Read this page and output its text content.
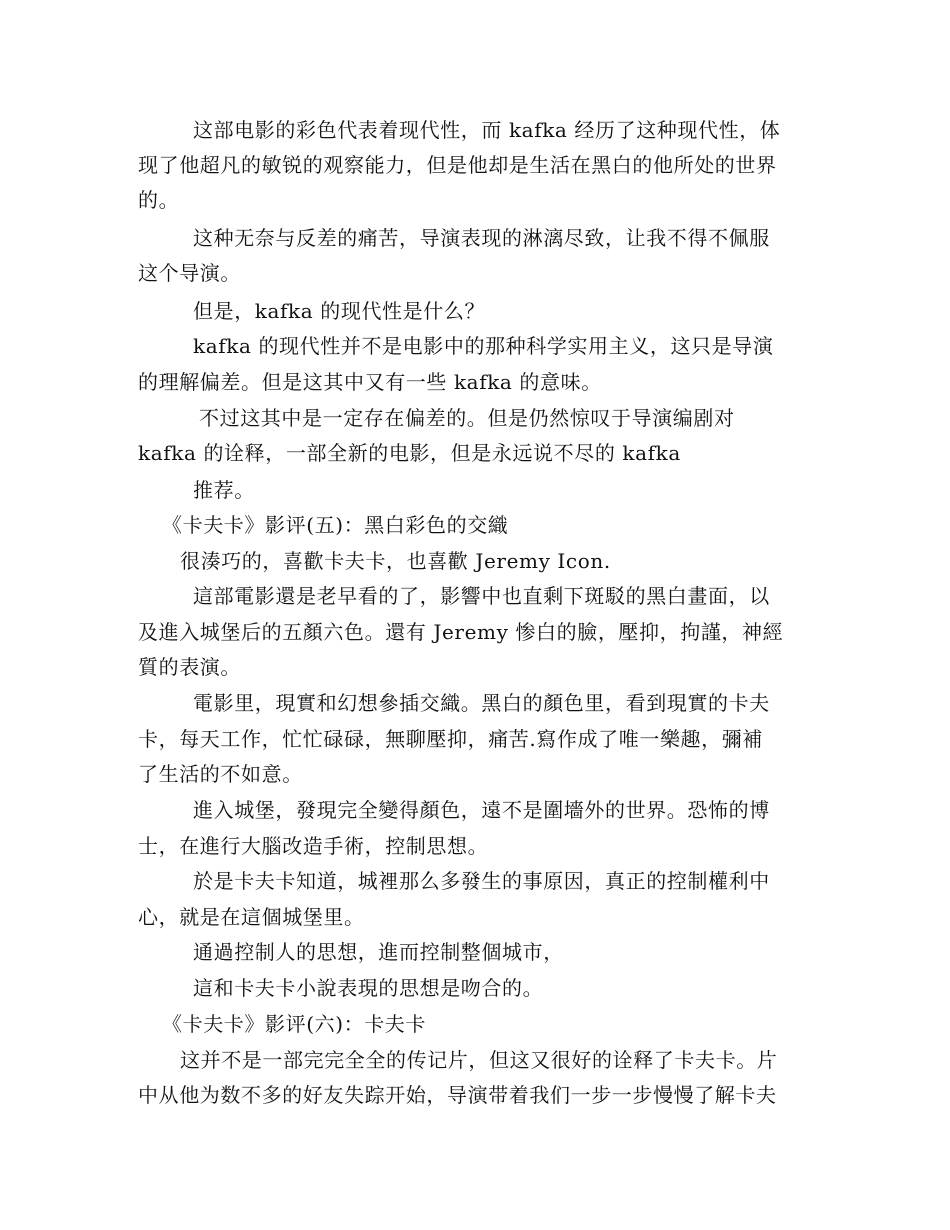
这部电影的彩色代表着现代性，而 kafka 经历了这种现代性，体
现了他超凡的敏锐的观察能力，但是他却是生活在黑白的他所处的世界
的。
这种无奈与反差的痛苦，导演表现的淋漓尽致，让我不得不佩服
这个导演。
但是，kafka 的现代性是什么？
kafka 的现代性并不是电影中的那种科学实用主义，这只是导演
的理解偏差。但是这其中又有一些 kafka 的意味。
不过这其中是一定存在偏差的。但是仍然惊叹于导演编剧对
kafka 的诠释，一部全新的电影，但是永远说不尽的 kafka
推荐。
《卡夫卡》影评(五)：黑白彩色的交織
很湊巧的，喜歡卡夫卡，也喜歡 Jeremy Icon.
這部電影還是老早看的了，影響中也直剩下斑駁的黑白畫面，以
及進入城堡后的五顏六色。還有 Jeremy 惨白的臉，壓抑，拘謹，神經
質的表演。
電影里，現實和幻想參插交織。黑白的顏色里，看到現實的卡夫
卡，每天工作，忙忙碌碌，無聊壓抑，痛苦.寫作成了唯一樂趣，彌補
了生活的不如意。
進入城堡，發現完全變得顏色，遠不是圍墻外的世界。恐怖的博
士，在進行大腦改造手術，控制思想。
於是卡夫卡知道，城裡那么多發生的事原因，真正的控制權利中
心，就是在這個城堡里。
通過控制人的思想，進而控制整個城市，
這和卡夫卡小說表現的思想是吻合的。
《卡夫卡》影评(六)：卡夫卡
这并不是一部完完全全的传记片，但这又很好的诠释了卡夫卡。片
中从他为数不多的好友失踪开始，导演带着我们一步一步慢慢了解卡夫
